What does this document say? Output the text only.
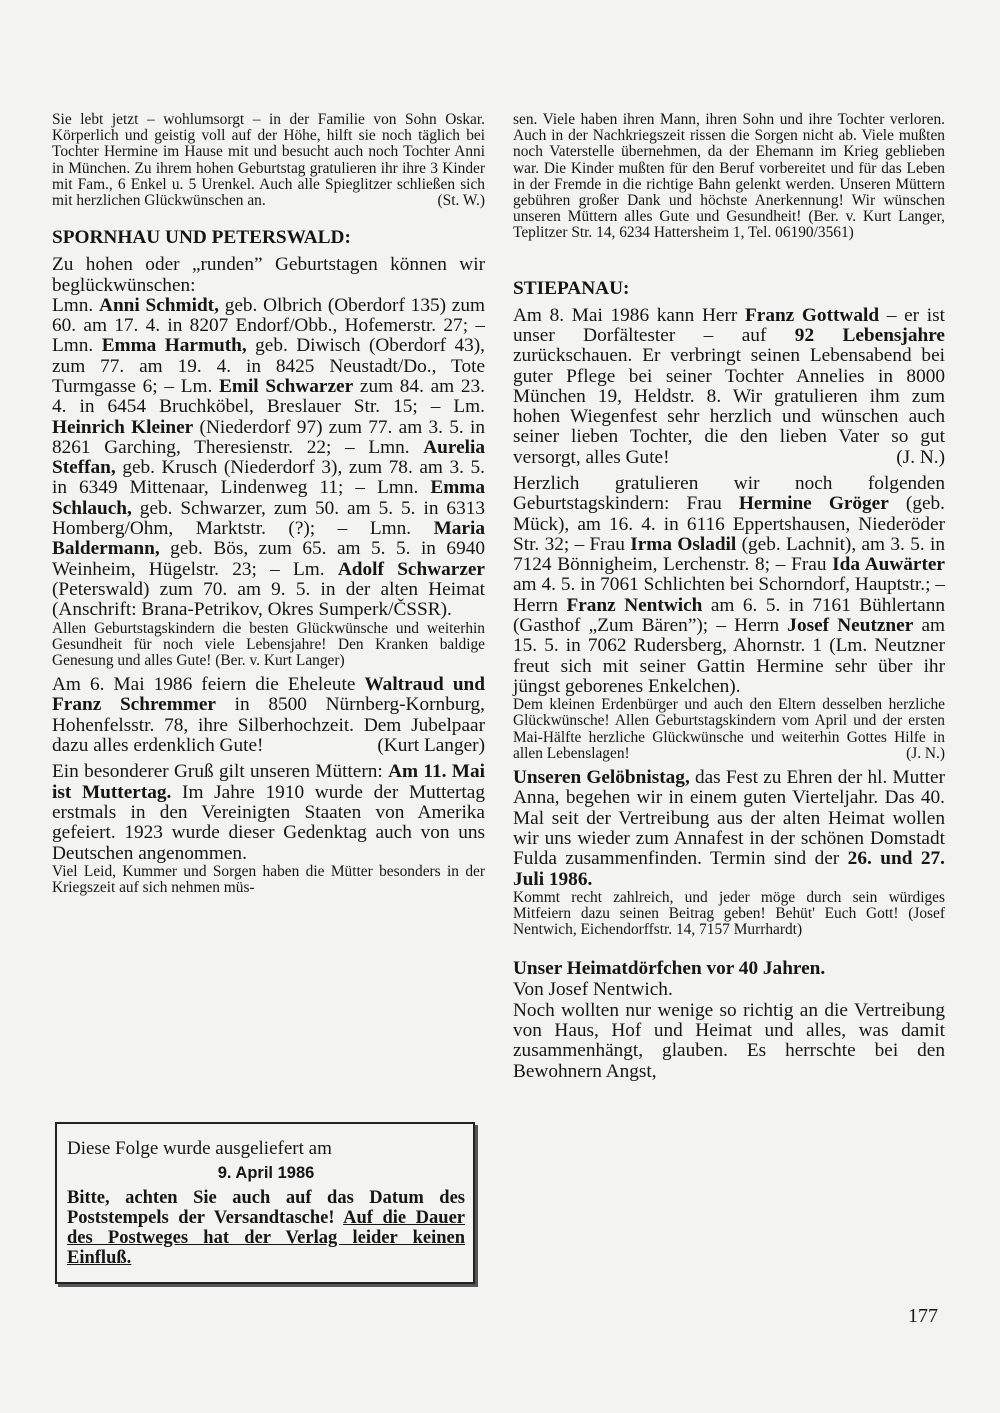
Sie lebt jetzt – wohlumsorgt – in der Familie von Sohn Oskar. Körperlich und geistig voll auf der Höhe, hilft sie noch täglich bei Tochter Hermine im Hause mit und besucht auch noch Tochter Anni in München. Zu ihrem hohen Geburtstag gratulieren ihr ihre 3 Kinder mit Fam., 6 Enkel u. 5 Urenkel. Auch alle Spieglitzer schließen sich mit herzlichen Glückwünschen an.	(St. W.)

SPORNHAU UND PETERSWALD:

Zu hohen oder „runden” Geburtstagen können wir beglückwünschen:

Lmn. Anni Schmidt, geb. Olbrich (Oberdorf 135) zum 60. am 17. 4. in 8207 Endorf/Obb., Hofemerstr. 27; – Lmn. Emma Harmuth, geb. Diwisch (Oberdorf 43), zum 77. am 19. 4. in 8425 Neustadt/Do., Tote Turmgasse 6; – Lm. Emil Schwarzer zum 84. am 23. 4. in 6454 Bruchköbel, Breslauer Str. 15; – Lm. Heinrich Kleiner (Niederdorf 97) zum 77. am 3. 5. in 8261 Garching, Theresienstr. 22; – Lmn. Aurelia Steffan, geb. Krusch (Niederdorf 3), zum 78. am 3. 5. in 6349 Mittenaar, Lindenweg 11; – Lmn. Emma Schlauch, geb. Schwarzer, zum 50. am 5. 5. in 6313 Homberg/Ohm, Marktstr. (?); – Lmn. Maria Baldermann, geb. Bös, zum 65. am 5. 5. in 6940 Weinheim, Hügelstr. 23; – Lm. Adolf Schwarzer (Peterswald) zum 70. am 9. 5. in der alten Heimat (Anschrift: Brana-Petrikov, Okres Sumperk/ČSSR).

Allen Geburtstagskindern die besten Glückwünsche und weiterhin Gesundheit für noch viele Lebensjahre! Den Kranken baldige Genesung und alles Gute! (Ber. v. Kurt Langer)

Am 6. Mai 1986 feiern die Eheleute Waltraud und Franz Schremmer in 8500 Nürnberg-Kornburg, Hohenfelsstr. 78, ihre Silberhochzeit. Dem Jubelpaar dazu alles erdenklich Gute!	(Kurt Langer)

Ein besonderer Gruß gilt unseren Müttern: Am 11. Mai ist Muttertag. Im Jahre 1910 wurde der Muttertag erstmals in den Vereinigten Staaten von Amerika gefeiert. 1923 wurde dieser Gedenktag auch von uns Deutschen angenommen.

Viel Leid, Kummer und Sorgen haben die Mütter besonders in der Kriegszeit auf sich nehmen müs-

Diese Folge wurde ausgeliefert am
9. April 1986
Bitte, achten Sie auch auf das Datum des Poststempels der Versandtasche! Auf die Dauer des Postweges hat der Verlag leider keinen Einfluß.

sen. Viele haben ihren Mann, ihren Sohn und ihre Tochter verloren. Auch in der Nachkriegszeit rissen die Sorgen nicht ab. Viele mußten noch Vaterstelle übernehmen, da der Ehemann im Krieg geblieben war. Die Kinder mußten für den Beruf vorbereitet und für das Leben in der Fremde in die richtige Bahn gelenkt werden. Unseren Müttern gebühren großer Dank und höchste Anerkennung! Wir wünschen unseren Müttern alles Gute und Gesundheit! (Ber. v. Kurt Langer, Teplitzer Str. 14, 6234 Hattersheim 1, Tel. 06190/3561)

STIEPANAU:

Am 8. Mai 1986 kann Herr Franz Gottwald – er ist unser Dorfältester – auf 92 Lebensjahre zurückschauen. Er verbringt seinen Lebensabend bei guter Pflege bei seiner Tochter Annelies in 8000 München 19, Heldstr. 8. Wir gratulieren ihm zum hohen Wiegenfest sehr herzlich und wünschen auch seiner lieben Tochter, die den lieben Vater so gut versorgt, alles Gute!	(J. N.)

Herzlich gratulieren wir noch folgenden Geburtstagskindern: Frau Hermine Gröger (geb. Mück), am 16. 4. in 6116 Eppertshausen, Niederöder Str. 32; – Frau Irma Osladil (geb. Lachnit), am 3. 5. in 7124 Bönnigheim, Lerchenstr. 8; – Frau Ida Auwärter am 4. 5. in 7061 Schlichten bei Schorndorf, Hauptstr.; – Herrn Franz Nentwich am 6. 5. in 7161 Bühlertann (Gasthof „Zum Bären”); – Herrn Josef Neutzner am 15. 5. in 7062 Rudersberg, Ahornstr. 1 (Lm. Neutzner freut sich mit seiner Gattin Hermine sehr über ihr jüngst geborenes Enkelchen).

Dem kleinen Erdenbürger und auch den Eltern desselben herzliche Glückwünsche! Allen Geburtstagskindern vom April und der ersten Mai-Hälfte herzliche Glückwünsche und weiterhin Gottes Hilfe in allen Lebenslagen!	(J. N.)

Unseren Gelöbnistag, das Fest zu Ehren der hl. Mutter Anna, begehen wir in einem guten Vierteljahr. Das 40. Mal seit der Vertreibung aus der alten Heimat wollen wir uns wieder zum Annafest in der schönen Domstadt Fulda zusammenfinden. Termin sind der 26. und 27. Juli 1986.

Kommt recht zahlreich, und jeder möge durch sein würdiges Mitfeiern dazu seinen Beitrag geben! Behüt' Euch Gott! (Josef Nentwich, Eichendorffstr. 14, 7157 Murrhardt)

Unser Heimatdörfchen vor 40 Jahren.

Von Josef Nentwich.

Noch wollten nur wenige so richtig an die Vertreibung von Haus, Hof und Heimat und alles, was damit zusammenhängt, glauben. Es herrschte bei den Bewohnern Angst,

177
